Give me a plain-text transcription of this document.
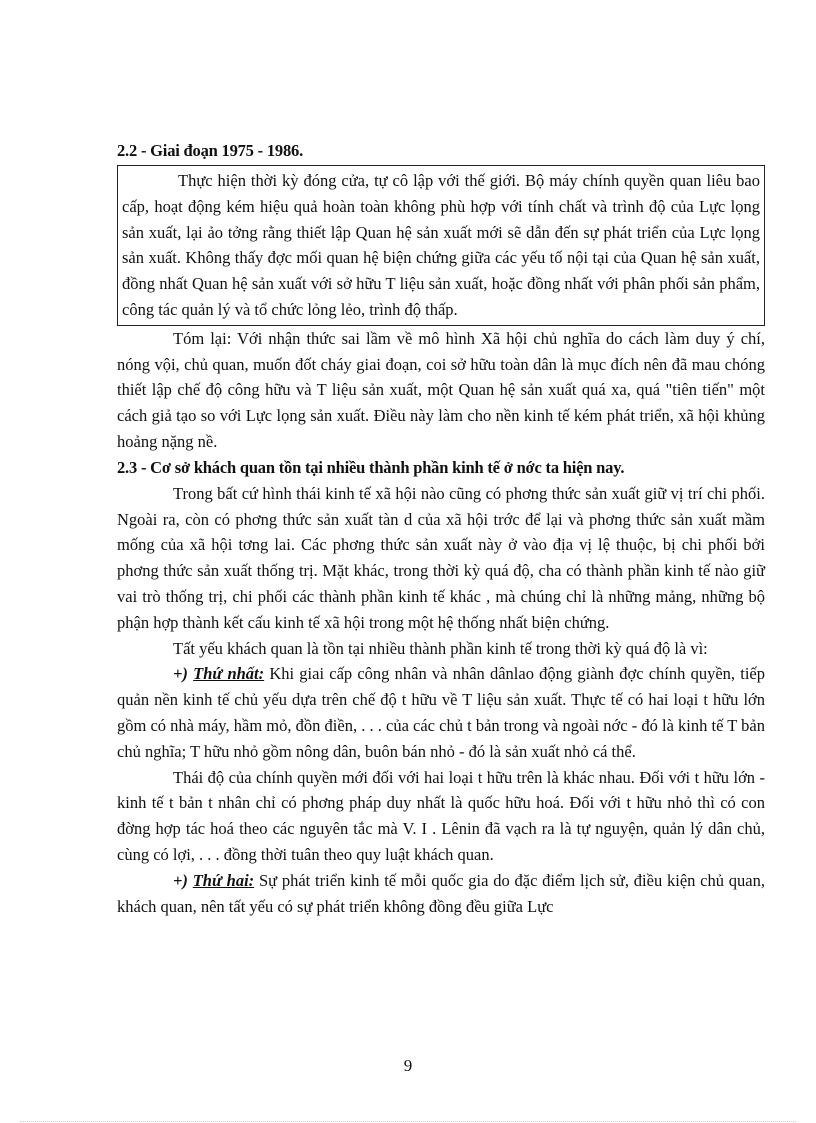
2.2 - Giai đoạn 1975 - 1986.

Thực hiện thời kỳ đóng cửa, tự cô lập với thế giới. Bộ máy chính quyền quan liêu bao cấp, hoạt động kém hiệu quả hoàn toàn không phù hợp với tính chất và trình độ của Lực lọng sản xuất, lại ảo tởng rằng thiết lập Quan hệ sản xuất mới sẽ dẫn đến sự phát triển của Lực lọng sản xuất. Không thấy đợc mối quan hệ biện chứng giữa các yếu tố nội tại của Quan hệ sản xuất, đồng nhất Quan hệ sản xuất với sở hữu T liệu sản xuất, hoặc đồng nhất với phân phối sản phẩm, công tác quản lý và tổ chức lỏng lẻo, trình độ thấp.

Tóm lại: Với nhận thức sai lầm về mô hình Xã hội chủ nghĩa do cách làm duy ý chí, nóng vội, chủ quan, muốn đốt cháy giai đoạn, coi sở hữu toàn dân là mục đích nên đã mau chóng thiết lập chế độ công hữu và T liệu sản xuất, một Quan hệ sản xuất quá xa, quá "tiên tiến" một cách giả tạo so với Lực lọng sản xuất. Điều này làm cho nền kinh tế kém phát triển, xã hội khủng hoảng nặng nề.

2.3 - Cơ sở khách quan tồn tại nhiều thành phần kinh tế ở nớc ta hiện nay.

Trong bất cứ hình thái kinh tế xã hội nào cũng có phơng thức sản xuất giữ vị trí chi phối. Ngoài ra, còn có phơng thức sản xuất tàn d của xã hội trớc để lại và phơng thức sản xuất mầm mống của xã hội tơng lai. Các phơng thức sản xuất này ở vào địa vị lệ thuộc, bị chi phối bởi phơng thức sản xuất thống trị. Mặt khác, trong thời kỳ quá độ, cha có thành phần kinh tế nào giữ vai trò thống trị, chi phối các thành phần kinh tế khác , mà chúng chỉ là những mảng, những bộ phận hợp thành kết cấu kinh tế xã hội trong một hệ thống nhất biện chứng.

Tất yếu khách quan là tồn tại nhiều thành phần kinh tế trong thời kỳ quá độ là vì:

+) Thứ nhất: Khi giai cấp công nhân và nhân dânlao động giành đợc chính quyền, tiếp quản nền kinh tế chủ yếu dựa trên chế độ t hữu về T liệu sản xuất. Thực tế có hai loại t hữu lớn gồm có nhà máy, hầm mỏ, đồn điền, . . . của các chủ t bản trong và ngoài nớc - đó là kinh tế T bản chủ nghĩa; T hữu nhỏ gồm nông dân, buôn bán nhỏ - đó là sản xuất nhỏ cá thể.

Thái độ của chính quyền mới đối với hai loại t hữu trên là khác nhau. Đối với t hữu lớn - kinh tế t bản t nhân chỉ có phơng pháp duy nhất là quốc hữu hoá. Đối với t hữu nhỏ thì có con đờng hợp tác hoá theo các nguyên tắc mà V. I . Lênin đã vạch ra là tự nguyện, quản lý dân chủ, cùng có lợi, . . . đồng thời tuân theo quy luật khách quan.

+) Thứ hai: Sự phát triển kinh tế mỗi quốc gia do đặc điểm lịch sử, điều kiện chủ quan, khách quan, nên tất yếu có sự phát triển không đồng đều giữa Lực

9
